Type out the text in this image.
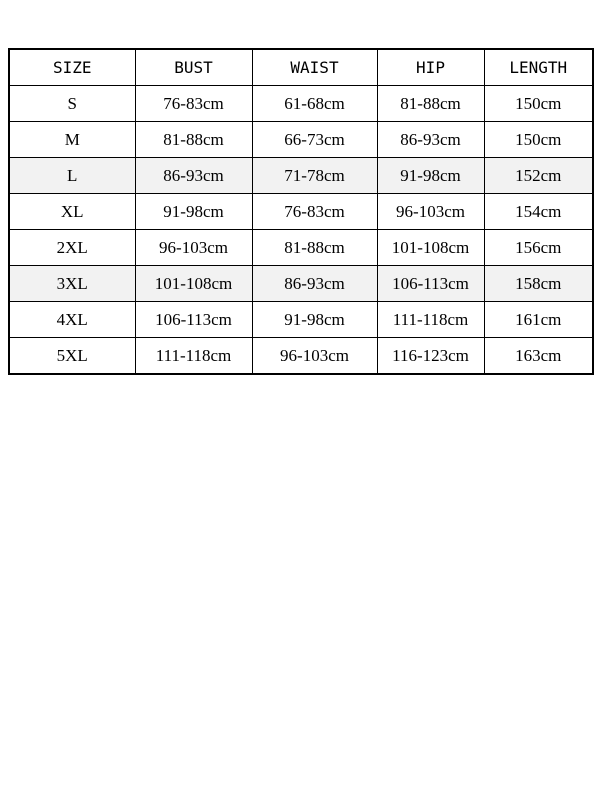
SIZE	BUST	WAIST	HIP	LENGTH
S	76-83cm	61-68cm	81-88cm	150cm
M	81-88cm	66-73cm	86-93cm	150cm
L	86-93cm	71-78cm	91-98cm	152cm
XL	91-98cm	76-83cm	96-103cm	154cm
2XL	96-103cm	81-88cm	101-108cm	156cm
3XL	101-108cm	86-93cm	106-113cm	158cm
4XL	106-113cm	91-98cm	111-118cm	161cm
5XL	111-118cm	96-103cm	116-123cm	163cm
